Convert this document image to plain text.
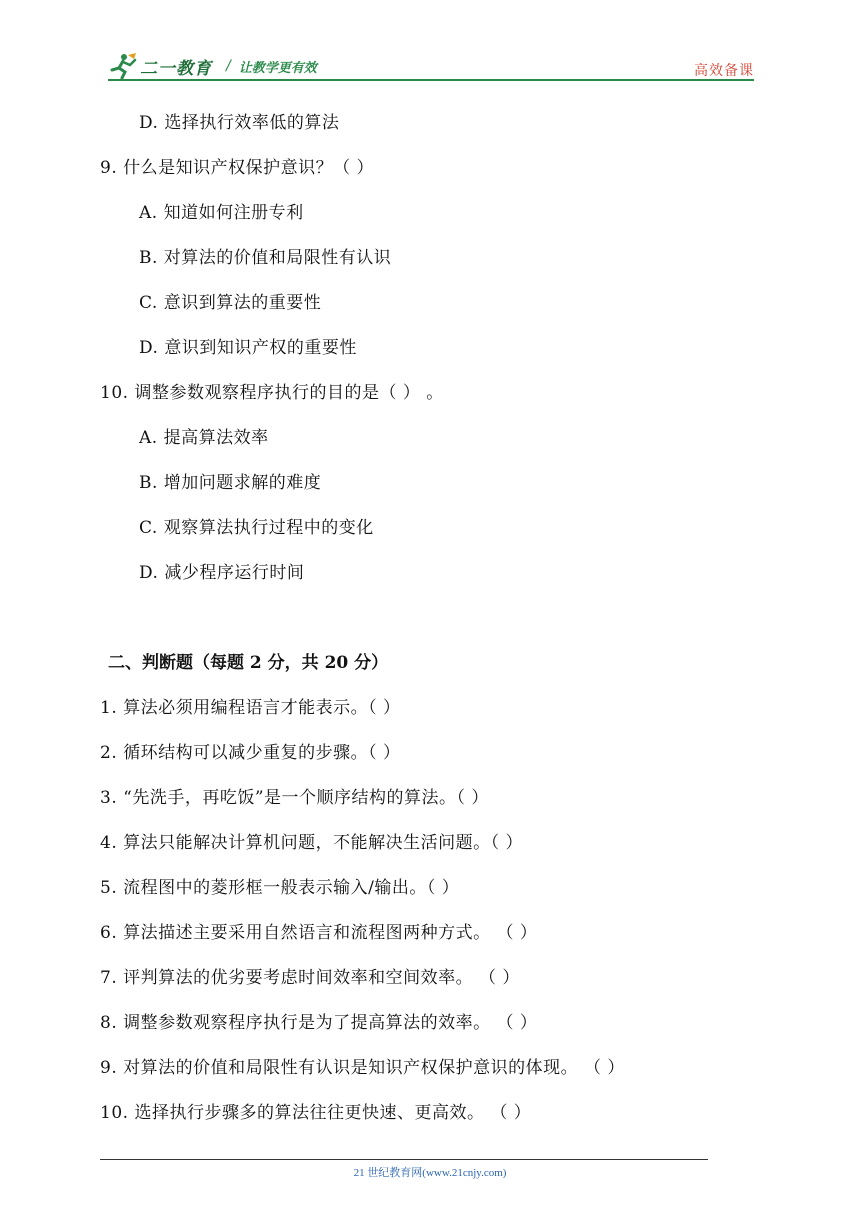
二一教育 / 让教学更有效	高效备课
D. 选择执行效率低的算法
9. 什么是知识产权保护意识？（ ）
A. 知道如何注册专利
B. 对算法的价值和局限性有认识
C. 意识到算法的重要性
D. 意识到知识产权的重要性
10. 调整参数观察程序执行的目的是（ ） 。
A. 提高算法效率
B. 增加问题求解的难度
C. 观察算法执行过程中的变化
D. 减少程序运行时间
二、判断题（每题 2 分，共 20 分）
1. 算法必须用编程语言才能表示。（ ）
2. 循环结构可以减少重复的步骤。（ ）
3. “先洗手，再吃饭”是一个顺序结构的算法。（ ）
4. 算法只能解决计算机问题，不能解决生活问题。（ ）
5. 流程图中的菱形框一般表示输入/输出。（ ）
6. 算法描述主要采用自然语言和流程图两种方式。 （ ）
7. 评判算法的优劣要考虑时间效率和空间效率。 （ ）
8. 调整参数观察程序执行是为了提高算法的效率。 （ ）
9. 对算法的价值和局限性有认识是知识产权保护意识的体现。 （ ）
10. 选择执行步骤多的算法往往更快速、更高效。 （ ）
21 世纪教育网(www.21cnjy.com)
